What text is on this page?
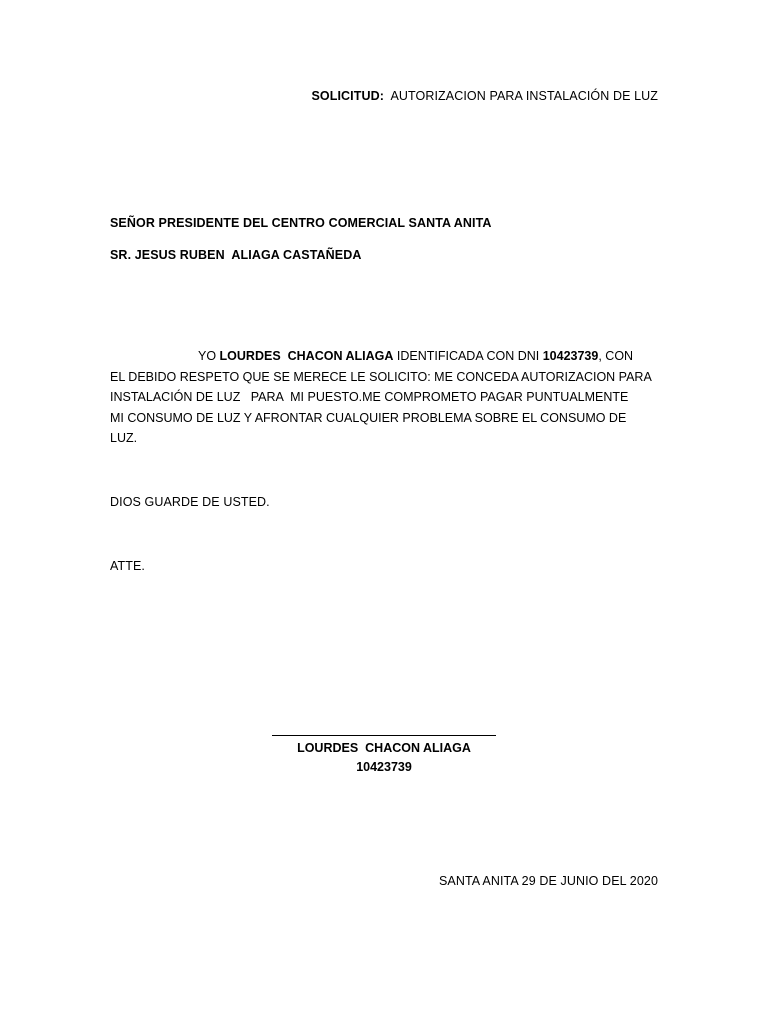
SOLICITUD:  AUTORIZACION PARA INSTALACIÓN DE LUZ
SEÑOR PRESIDENTE DEL CENTRO COMERCIAL SANTA ANITA
SR. JESUS RUBEN  ALIAGA CASTAÑEDA
YO LOURDES  CHACON ALIAGA IDENTIFICADA CON DNI 10423739, CON
EL DEBIDO RESPETO QUE SE MERECE LE SOLICITO: ME CONCEDA AUTORIZACION PARA
INSTALACIÓN DE LUZ   PARA  MI PUESTO.ME COMPROMETO PAGAR PUNTUALMENTE
MI CONSUMO DE LUZ Y AFRONTAR CUALQUIER PROBLEMA SOBRE EL CONSUMO DE
LUZ.
DIOS GUARDE DE USTED.
ATTE.
LOURDES  CHACON ALIAGA
10423739
SANTA ANITA 29 DE JUNIO DEL 2020
